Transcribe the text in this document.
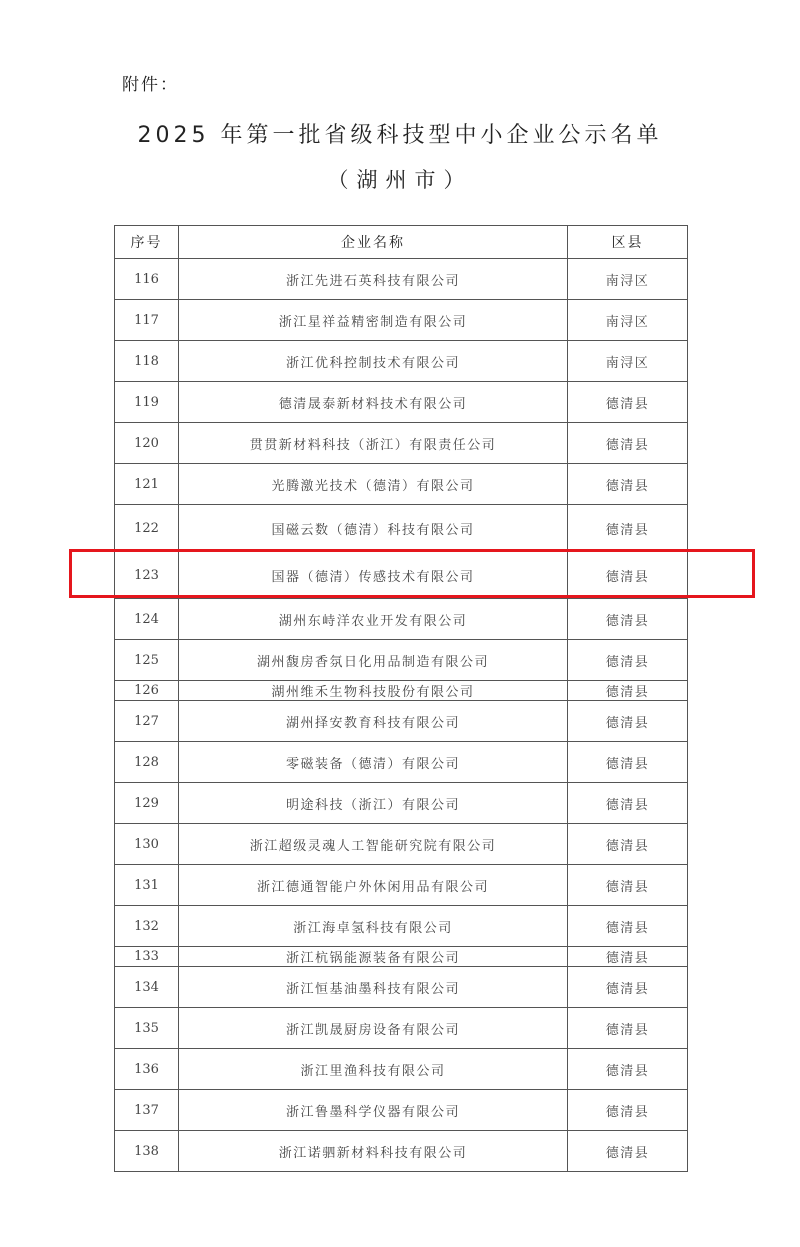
附件：
2025 年第一批省级科技型中小企业公示名单
（湖州市）
序号	企业名称	区县
116	浙江先进石英科技有限公司	南浔区
117	浙江星祥益精密制造有限公司	南浔区
118	浙江优科控制技术有限公司	南浔区
119	德清晟泰新材料技术有限公司	德清县
120	贯贯新材料科技（浙江）有限责任公司	德清县
121	光腾激光技术（德清）有限公司	德清县
122	国磁云数（德清）科技有限公司	德清县
123	国器（德清）传感技术有限公司	德清县
124	湖州东峙洋农业开发有限公司	德清县
125	湖州馥房香氛日化用品制造有限公司	德清县
126	湖州维禾生物科技股份有限公司	德清县
127	湖州择安教育科技有限公司	德清县
128	零磁装备（德清）有限公司	德清县
129	明途科技（浙江）有限公司	德清县
130	浙江超级灵魂人工智能研究院有限公司	德清县
131	浙江德通智能户外休闲用品有限公司	德清县
132	浙江海卓氢科技有限公司	德清县
133	浙江杭锅能源装备有限公司	德清县
134	浙江恒基油墨科技有限公司	德清县
135	浙江凯晟厨房设备有限公司	德清县
136	浙江里渔科技有限公司	德清县
137	浙江鲁墨科学仪器有限公司	德清县
138	浙江诺驷新材料科技有限公司	德清县
